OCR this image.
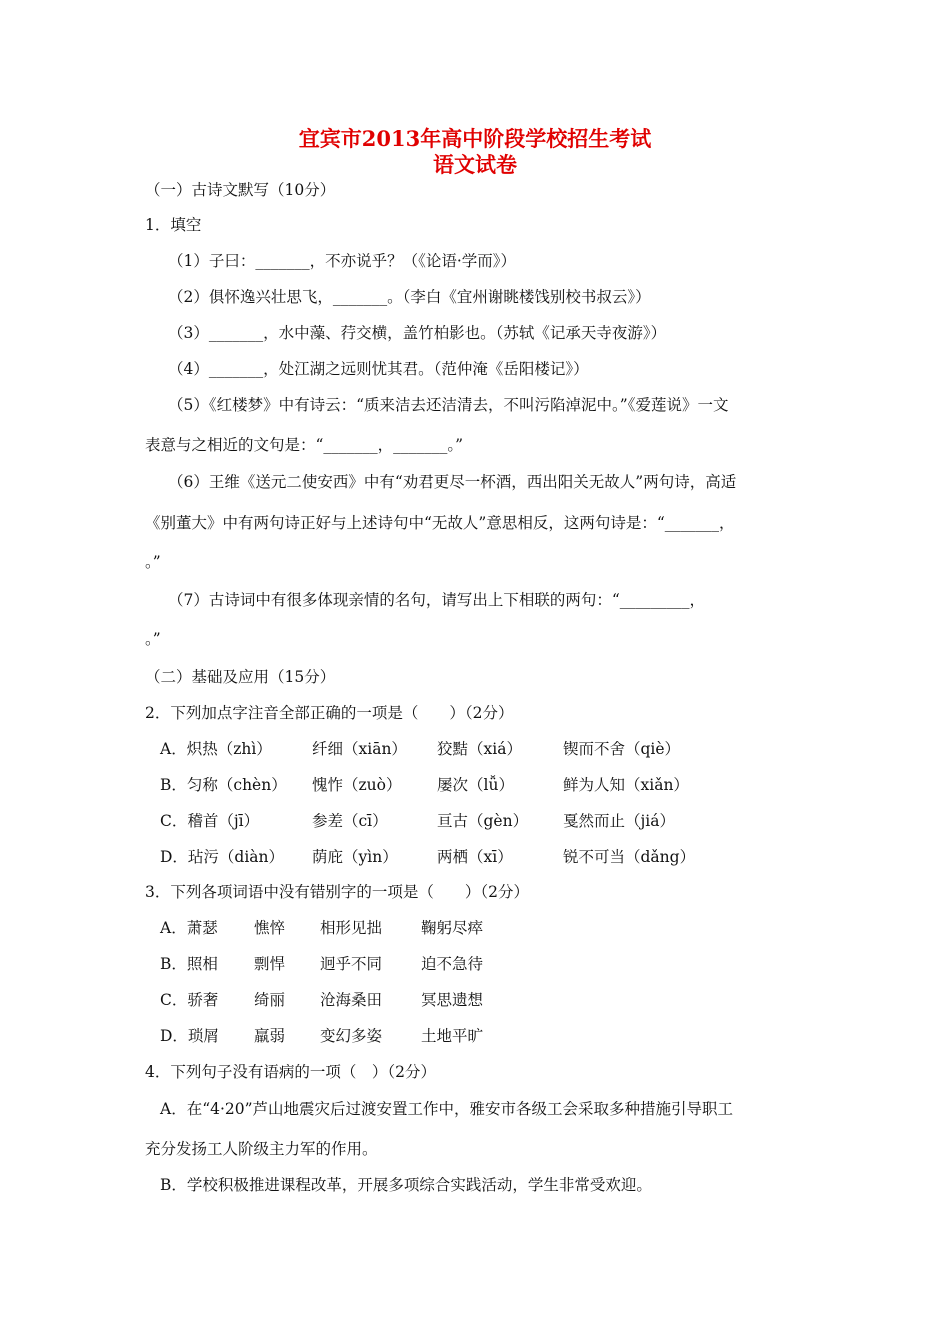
宜宾市2013年高中阶段学校招生考试
语文试卷
（一）古诗文默写（10分）
1．填空
（1）子曰：_______，不亦说乎？（《论语·学而》）
（2）俱怀逸兴壮思飞，_______。（李白《宜州谢眺楼饯别校书叔云》）
（3）_______，水中藻、荇交横，盖竹柏影也。（苏轼《记承天寺夜游》）
（4）_______，处江湖之远则忧其君。（范仲淹《岳阳楼记》）
（5）《红楼梦》中有诗云：“质来洁去还洁清去，不叫污陷淖泥中。”《爱莲说》一文
表意与之相近的文句是：“_______，_______。”
（6）王维《送元二使安西》中有“劝君更尽一杯酒，西出阳关无故人”两句诗，高适
《别董大》中有两句诗正好与上述诗句中“无故人”意思相反，这两句诗是：“_______，
。”
（7）古诗词中有很多体现亲情的名句，请写出上下相联的两句：“_________，
。”
（二）基础及应用（15分）
2．下列加点字注音全部正确的一项是（　　）（2分）
A．炽热（zhì）	纤细（xiān） 狡黠（xiá）	锲而不舍（qiè）
B．匀称（chèn） 愧怍（zuò） 屡次（lǚ）	鲜为人知（xiǎn）
C．稽首（jī）	参差（cī）	亘古（gèn） 戛然而止（jiá）
D．玷污（diàn） 荫庇（yìn）	两栖（xī）	锐不可当（dǎng）
3．下列各项词语中没有错别字的一项是（　　）（2分）
A．萧瑟 憔悴 相形见拙	鞠躬尽瘁
B．照相 剽悍 迥乎不同	迫不急待
C．骄奢 绮丽 沧海桑田	冥思遗想
D．琐屑 羸弱 变幻多姿	土地平旷
4．下列句子没有语病的一项（　）（2分）
A．在“4·20”芦山地震灾后过渡安置工作中，雅安市各级工会采取多种措施引导职工
充分发扬工人阶级主力军的作用。
B．学校积极推进课程改革，开展多项综合实践活动，学生非常受欢迎。
